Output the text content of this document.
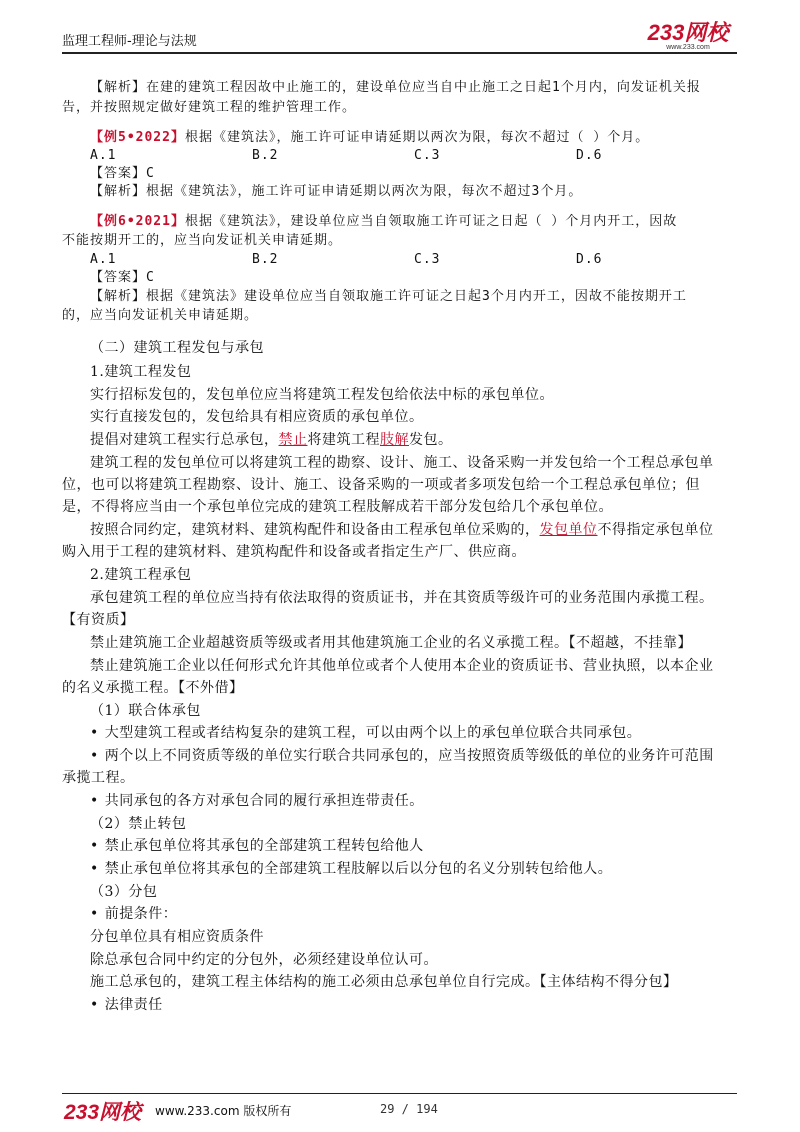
监理工程师-理论与法规	233网校
www.233.com
【解析】在建的建筑工程因故中止施工的，建设单位应当自中止施工之日起1个月内，向发证机关报
告，并按照规定做好建筑工程的维护管理工作。
【例5•2022】根据《建筑法》，施工许可证申请延期以两次为限，每次不超过（ ）个月。
A.1	B.2	C.3	D.6
【答案】C
【解析】根据《建筑法》，施工许可证申请延期以两次为限，每次不超过3个月。
【例6•2021】根据《建筑法》，建设单位应当自领取施工许可证之日起（ ）个月内开工，因故
不能按期开工的，应当向发证机关申请延期。
A.1	B.2	C.3	D.6
【答案】C
【解析】根据《建筑法》建设单位应当自领取施工许可证之日起3个月内开工，因故不能按期开工
的，应当向发证机关申请延期。
（二）建筑工程发包与承包
1.建筑工程发包
实行招标发包的，发包单位应当将建筑工程发包给依法中标的承包单位。
实行直接发包的，发包给具有相应资质的承包单位。
提倡对建筑工程实行总承包，禁止将建筑工程肢解发包。
建筑工程的发包单位可以将建筑工程的勘察、设计、施工、设备采购一并发包给一个工程总承包单
位，也可以将建筑工程勘察、设计、施工、设备采购的一项或者多项发包给一个工程总承包单位；但
是，不得将应当由一个承包单位完成的建筑工程肢解成若干部分发包给几个承包单位。
按照合同约定，建筑材料、建筑构配件和设备由工程承包单位采购的，发包单位不得指定承包单位
购入用于工程的建筑材料、建筑构配件和设备或者指定生产厂、供应商。
2.建筑工程承包
承包建筑工程的单位应当持有依法取得的资质证书，并在其资质等级许可的业务范围内承揽工程。
【有资质】
禁止建筑施工企业超越资质等级或者用其他建筑施工企业的名义承揽工程。【不超越，不挂靠】
禁止建筑施工企业以任何形式允许其他单位或者个人使用本企业的资质证书、营业执照，以本企业
的名义承揽工程。【不外借】
（1）联合体承包
• 大型建筑工程或者结构复杂的建筑工程，可以由两个以上的承包单位联合共同承包。
• 两个以上不同资质等级的单位实行联合共同承包的，应当按照资质等级低的单位的业务许可范围
承揽工程。
• 共同承包的各方对承包合同的履行承担连带责任。
（2）禁止转包
• 禁止承包单位将其承包的全部建筑工程转包给他人
• 禁止承包单位将其承包的全部建筑工程肢解以后以分包的名义分别转包给他人。
（3）分包
• 前提条件：
分包单位具有相应资质条件
除总承包合同中约定的分包外，必须经建设单位认可。
施工总承包的，建筑工程主体结构的施工必须由总承包单位自行完成。【主体结构不得分包】
• 法律责任
233网校 www.233.com 版权所有	29 / 194
